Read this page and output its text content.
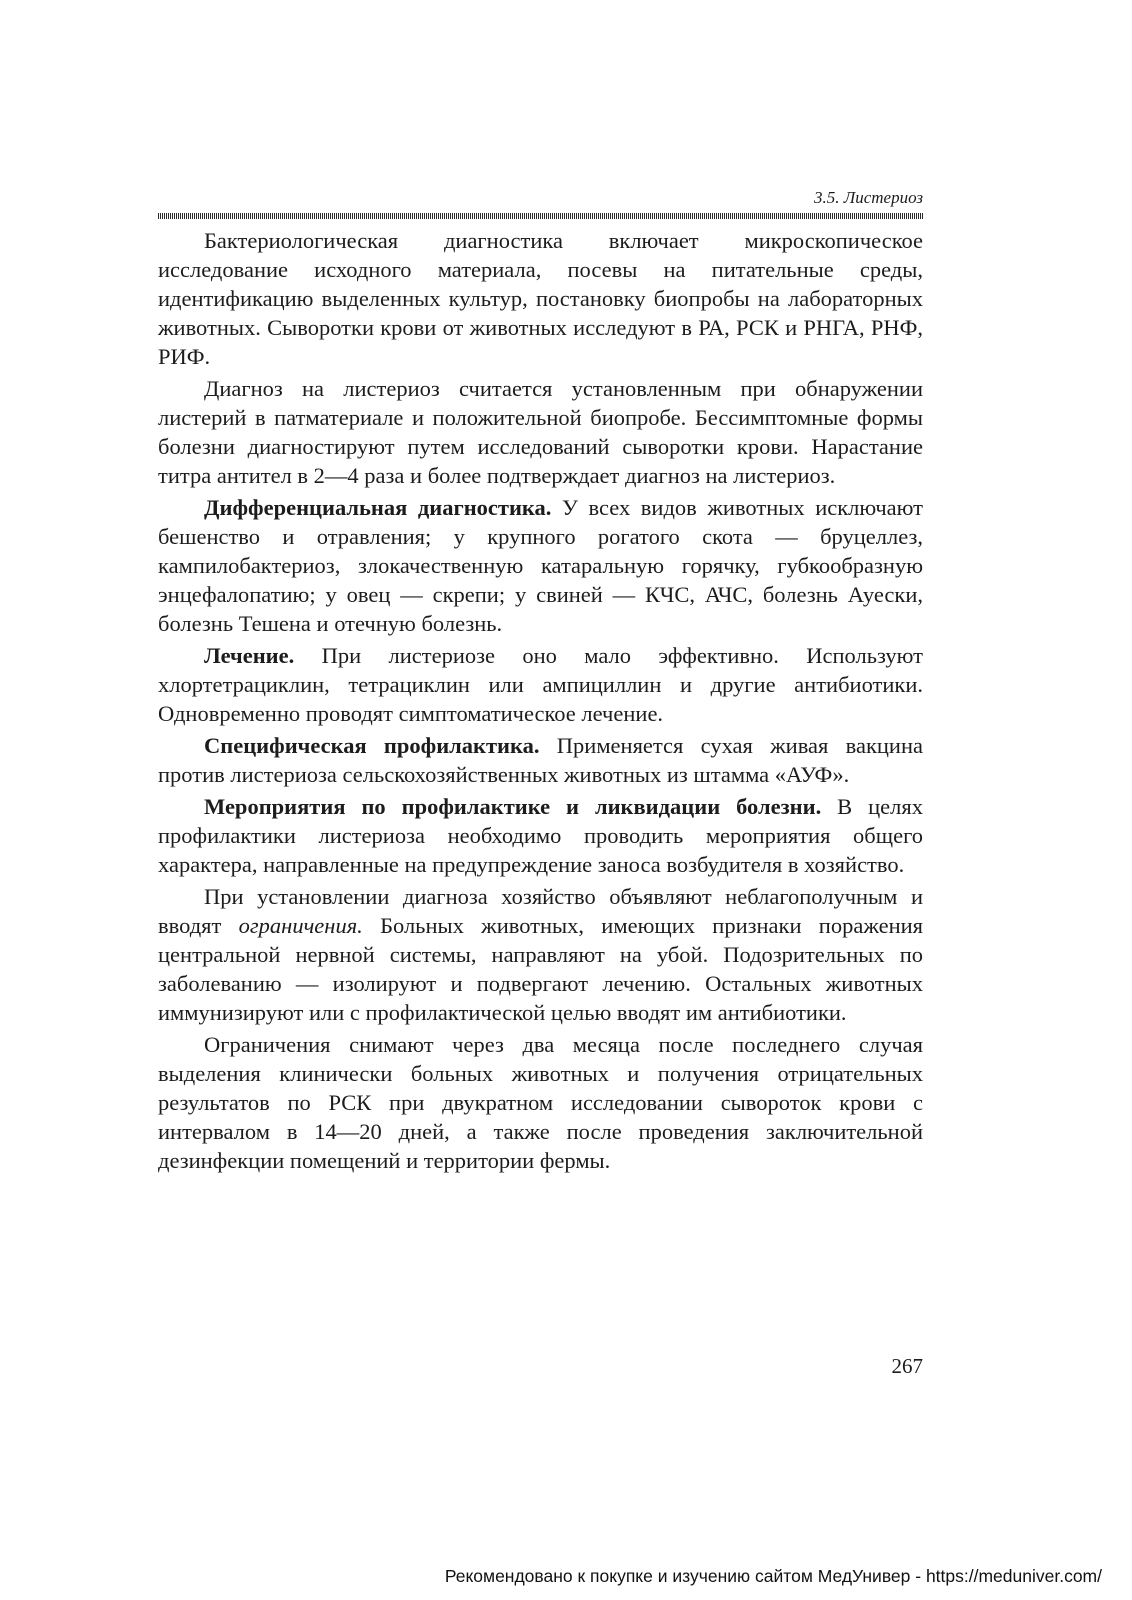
3.5. Листериоз

Бактериологическая диагностика включает микроскопическое исследование исходного материала, посевы на питательные среды, идентификацию выделенных культур, постановку биопробы на лабораторных животных. Сыворотки крови от животных исследуют в РА, РСК и РНГА, РНФ, РИФ.

Диагноз на листериоз считается установленным при обнаружении листерий в патматериале и положительной биопробе. Бессимптомные формы болезни диагностируют путем исследований сыворотки крови. Нарастание титра антител в 2—4 раза и более подтверждает диагноз на листериоз.

Дифференциальная диагностика. У всех видов животных исключают бешенство и отравления; у крупного рогатого скота — бруцеллез, кампилобактериоз, злокачественную катаральную горячку, губкообразную энцефалопатию; у овец — скрепи; у свиней — КЧС, АЧС, болезнь Ауески, болезнь Тешена и отечную болезнь.

Лечение. При листериозе оно мало эффективно. Используют хлортетрациклин, тетрациклин или ампициллин и другие антибиотики. Одновременно проводят симптоматическое лечение.

Специфическая профилактика. Применяется сухая живая вакцина против листериоза сельскохозяйственных животных из штамма «АУФ».

Мероприятия по профилактике и ликвидации болезни. В целях профилактики листериоза необходимо проводить мероприятия общего характера, направленные на предупреждение заноса возбудителя в хозяйство.

При установлении диагноза хозяйство объявляют неблагополучным и вводят ограничения. Больных животных, имеющих признаки поражения центральной нервной системы, направляют на убой. Подозрительных по заболеванию — изолируют и подвергают лечению. Остальных животных иммунизируют или с профилактической целью вводят им антибиотики.

Ограничения снимают через два месяца после последнего случая выделения клинически больных животных и получения отрицательных результатов по РСК при двукратном исследовании сывороток крови с интервалом в 14—20 дней, а также после проведения заключительной дезинфекции помещений и территории фермы.

267
Рекомендовано к покупке и изучению сайтом МедУнивер - https://meduniver.com/
